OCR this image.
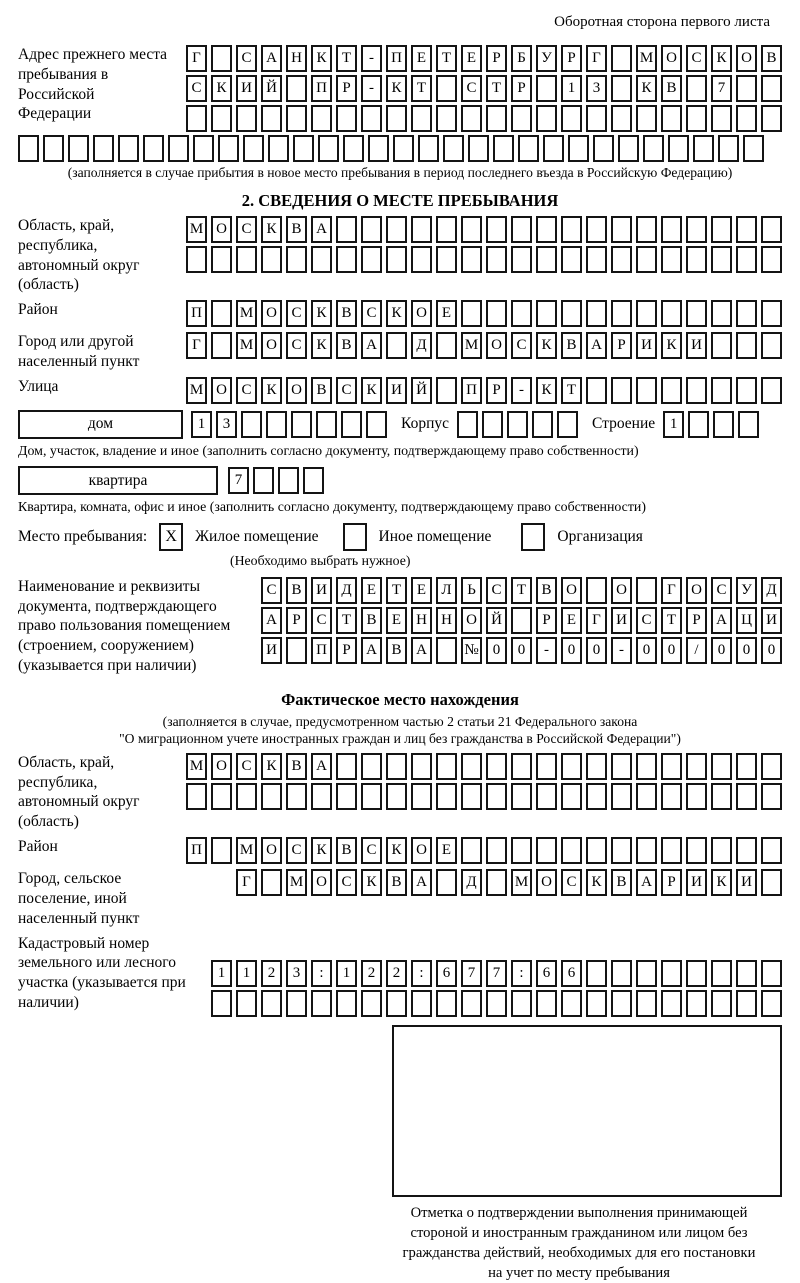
Оборотная сторона первого листа
Адрес прежнего места пребывания в Российской Федерации
Г	С А Н К	Т	-	П Е	Т	Е	Р	Б	У	Р	Г	М О С К О В
С К И Й	П	Р	-	К	Т	С	Т	Р	1	3	К В	7
(заполняется в случае прибытия в новое место пребывания в период последнего въезда в Российскую Федерацию)
2. СВЕДЕНИЯ О МЕСТЕ ПРЕБЫВАНИЯ
Область, край, республика, автономный округ (область)
М О С К В А
Район	П	М О С К В С К О Е
Город или другой населенный пункт
Г	М О С К В А	Д	М О С К В А	Р	И К И
Улица	М О С К О В С К И Й	П	Р	-	К	Т
дом	1	3	Корпус	Строение 1
Дом, участок, владение и иное (заполнить согласно документу, подтверждающему право собственности)
квартира	7
Квартира, комната, офис и иное (заполнить согласно документу, подтверждающему право собственности)
Место пребывания: X Жилое помещение	Иное помещение	Организация
(Необходимо выбрать нужное)
Наименование и реквизиты документа, подтверждающего право пользования помещением (строением, сооружением) (указывается при наличии)
С В И Д	Е	Т	Е	Л	Ь	С	Т	В О	О	Г	О С У Д
А	Р	С	Т	В	Е	Н Н О Й	Р	Е	Г	И С	Т	Р	А Ц И
И	П	Р	А В А	№ 0	0	-	0	0	-	0	0	/	0	0	0
Фактическое место нахождения
(заполняется в случае, предусмотренном частью 2 статьи 21 Федерального закона
"О миграционном учете иностранных граждан и лиц без гражданства в Российской Федерации")
Область, край, республика, автономный округ (область)
М О С К В А
Район	П	М О С К В С К О Е
Город, сельское поселение, иной населенный пункт
Г	М О С К В А	Д	М О С К В А	Р	И К И
Кадастровый номер земельного или лесного участка (указывается при наличии)
1	1	2	3	:	1	2	2	:	6	7	7	:	6	6
Отметка о подтверждении выполнения принимающей
стороной и иностранным гражданином или лицом без
гражданства действий, необходимых для его постановки
на учет по месту пребывания
